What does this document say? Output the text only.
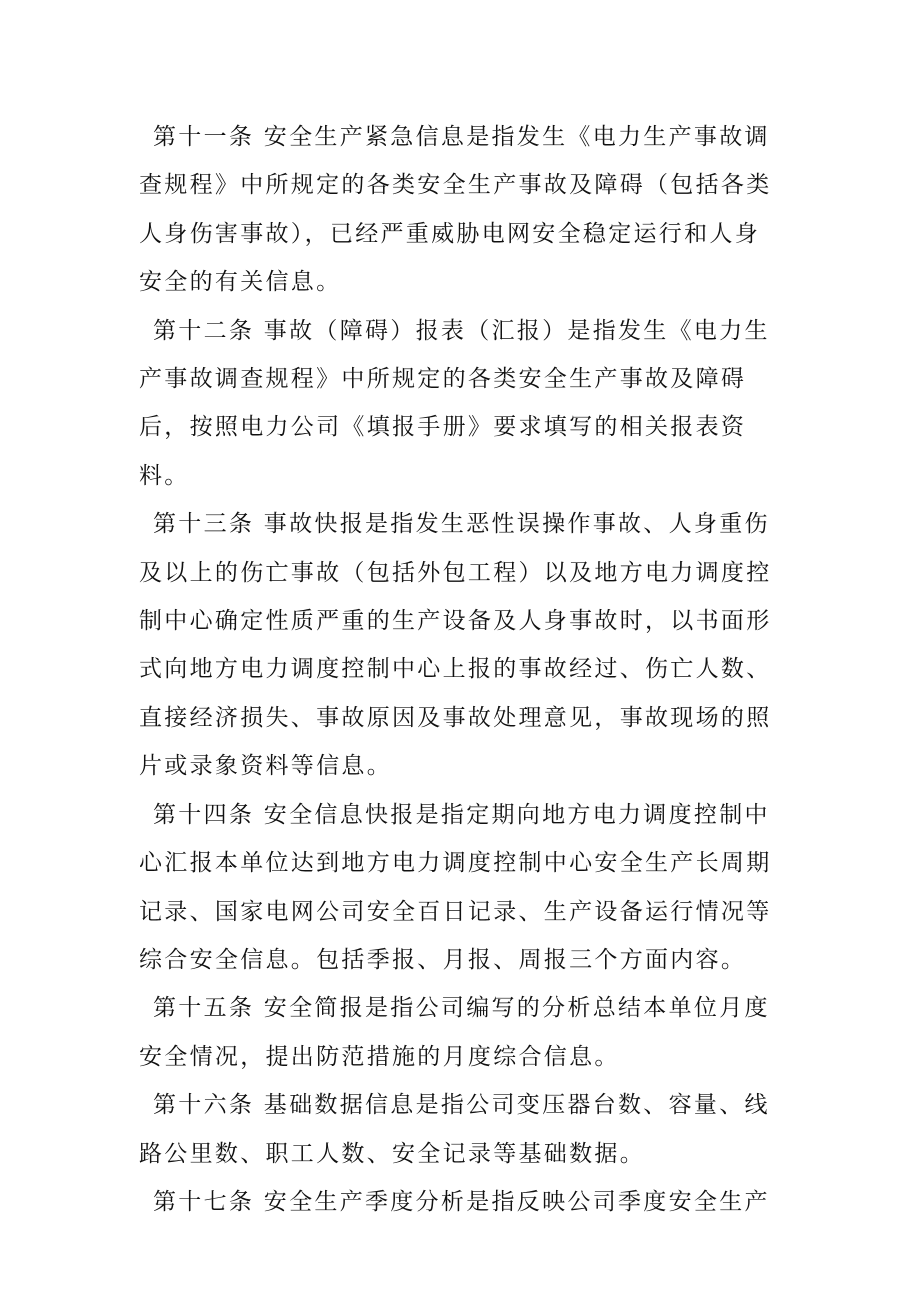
第十一条 安全生产紧急信息是指发生《电力生产事故调查规程》中所规定的各类安全生产事故及障碍（包括各类人身伤害事故），已经严重威胁电网安全稳定运行和人身安全的有关信息。

第十二条 事故（障碍）报表（汇报）是指发生《电力生产事故调查规程》中所规定的各类安全生产事故及障碍后，按照电力公司《填报手册》要求填写的相关报表资料。

第十三条 事故快报是指发生恶性误操作事故、人身重伤及以上的伤亡事故（包括外包工程）以及地方电力调度控制中心确定性质严重的生产设备及人身事故时，以书面形式向地方电力调度控制中心上报的事故经过、伤亡人数、直接经济损失、事故原因及事故处理意见，事故现场的照片或录象资料等信息。

第十四条 安全信息快报是指定期向地方电力调度控制中心汇报本单位达到地方电力调度控制中心安全生产长周期记录、国家电网公司安全百日记录、生产设备运行情况等综合安全信息。包括季报、月报、周报三个方面内容。

第十五条 安全简报是指公司编写的分析总结本单位月度安全情况，提出防范措施的月度综合信息。

第十六条 基础数据信息是指公司变压器台数、容量、线路公里数、职工人数、安全记录等基础数据。

第十七条 安全生产季度分析是指反映公司季度安全生产
